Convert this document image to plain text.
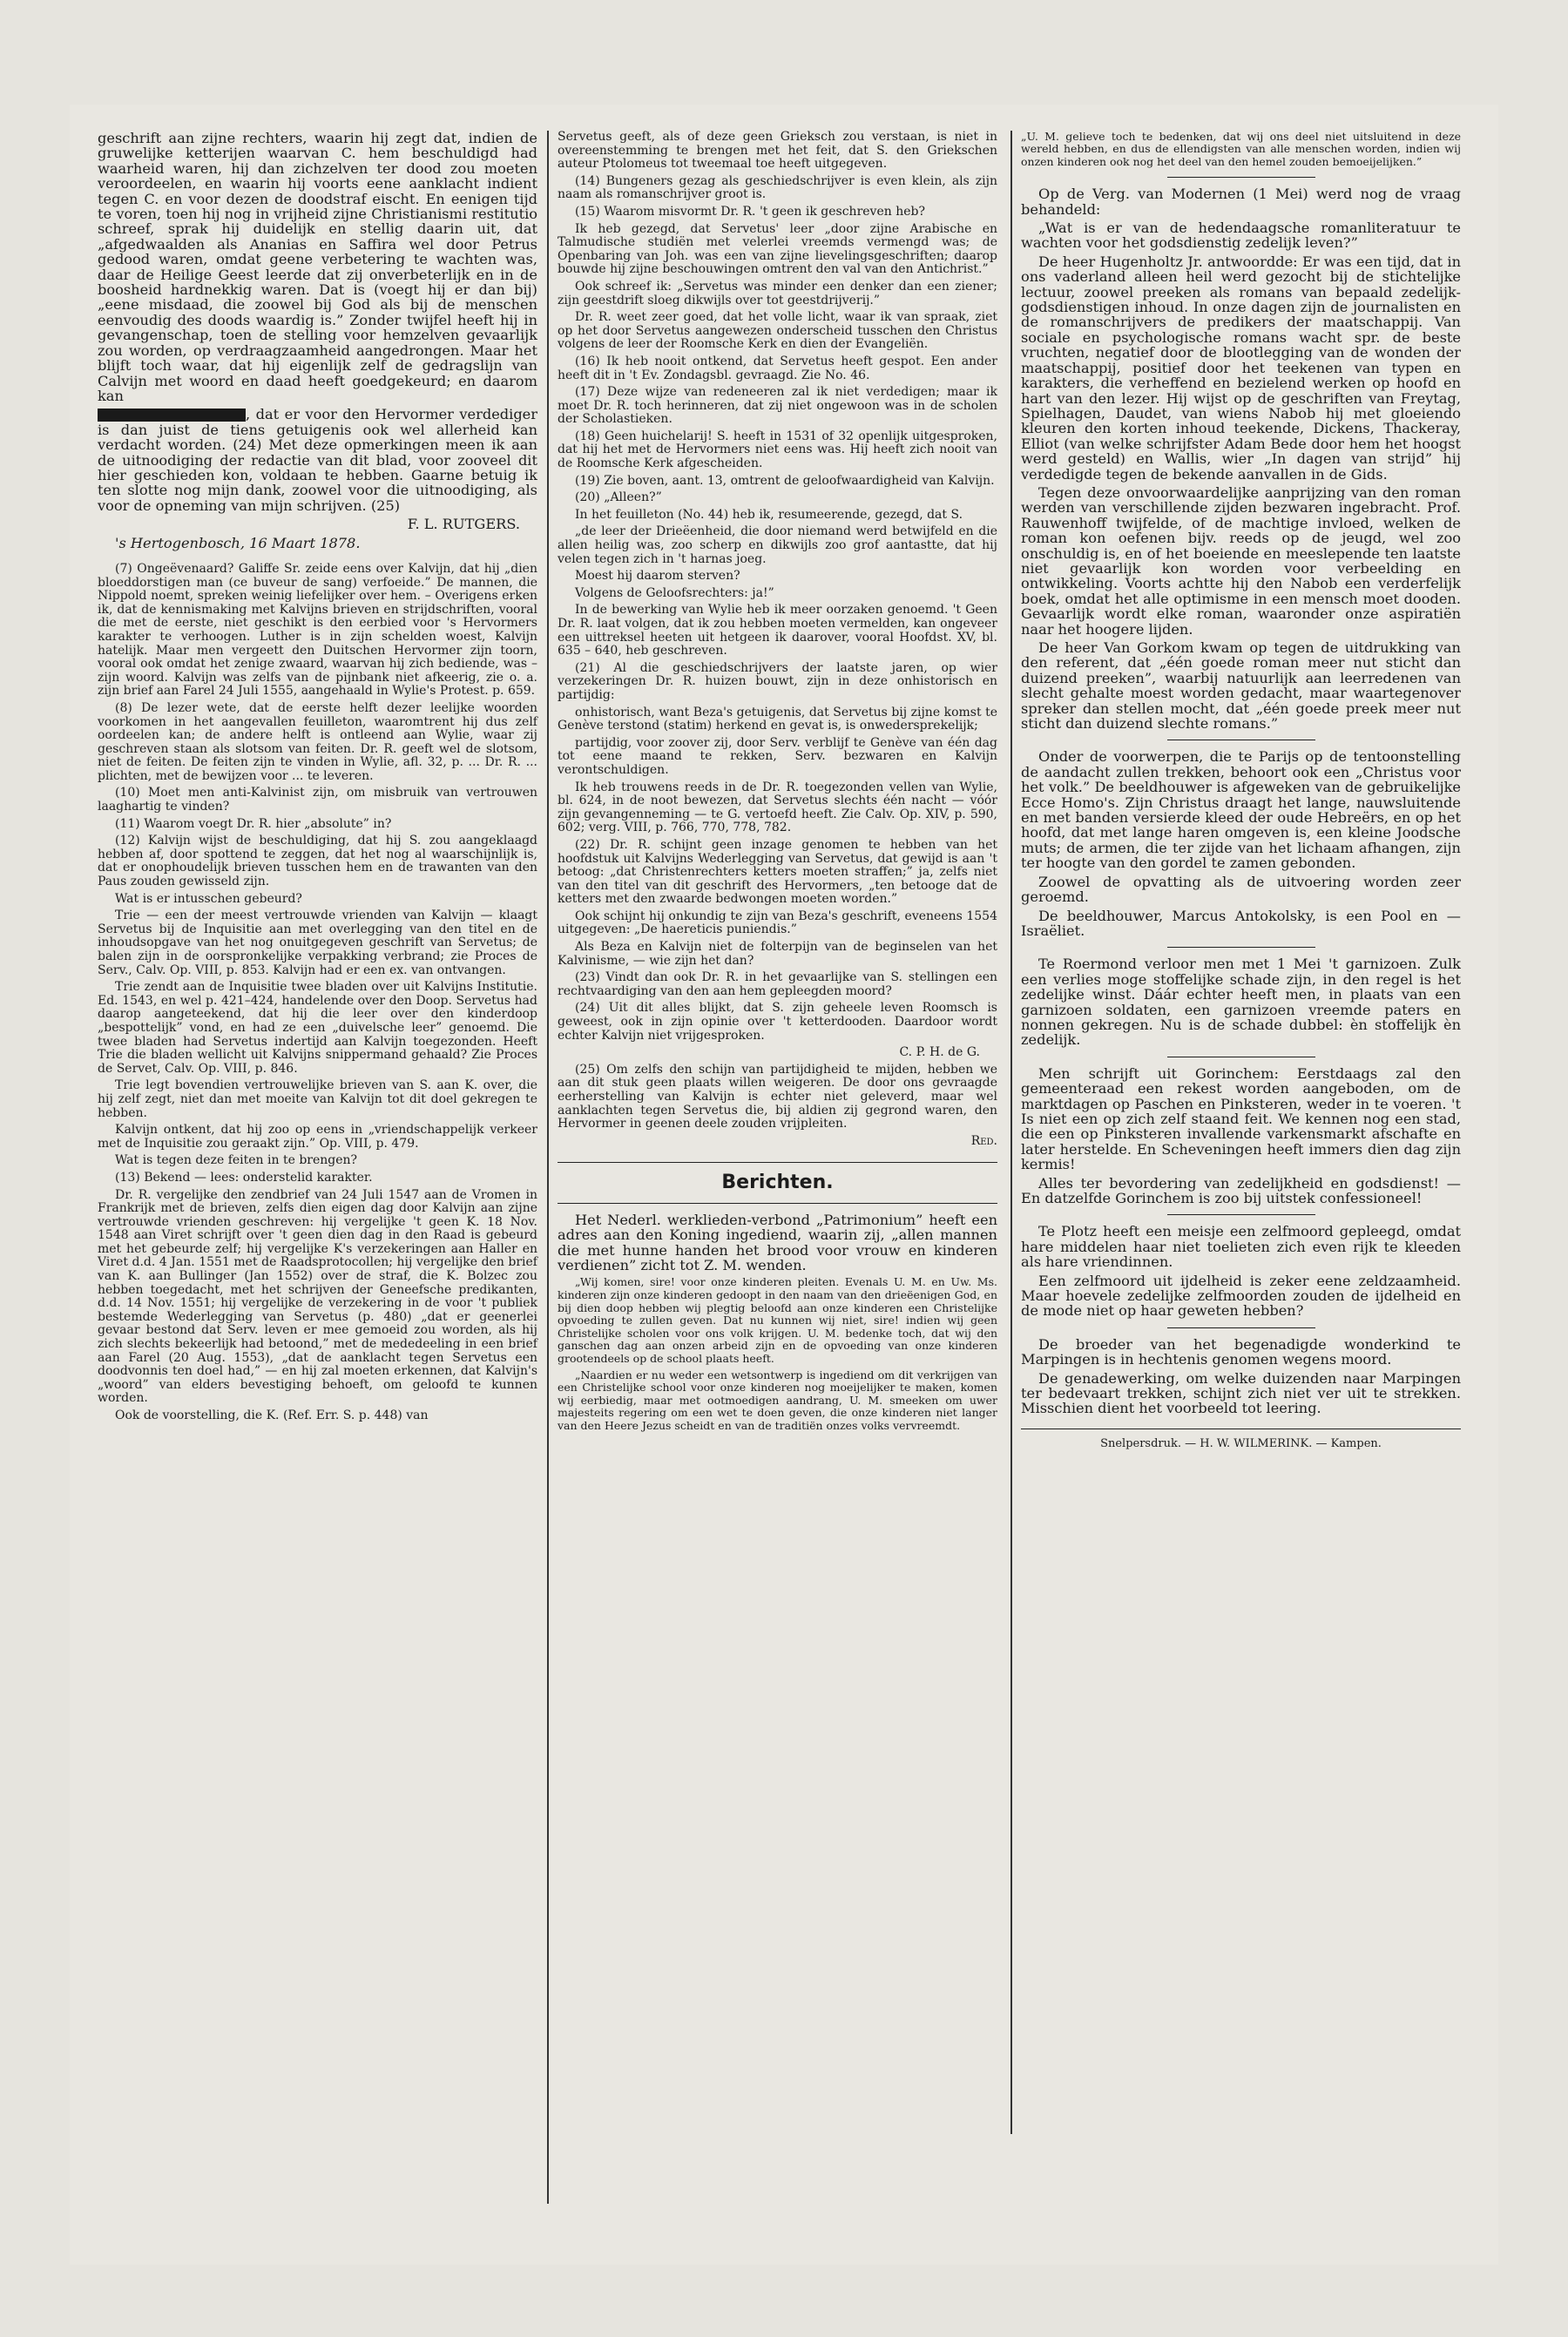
geschrift aan zijne rechters, waarin hij zegt dat, indien de gruwelijke ketterijen waarvan C. hem beschuldigd had waarheid waren, hij dan zichzelven ter dood zou moeten veroordeelen, en waarin hij voorts eene aanklacht indient tegen C. en voor dezen de doodstraf eischt. En eenigen tijd te voren, toen hij nog in vrijheid zijne Christianismi restitutio schreef, sprak hij duidelijk en stellig daarin uit, dat „afgedwaalden als Ananias en Saffira wel door Petrus gedood waren, omdat geene verbetering te wachten was, daar de Heilige Geest leerde dat zij onverbeterlijk en in de boosheid hardnekkig waren. Dat is (voegt hij er dan bij) „eene misdaad, die zoowel bij God als bij de menschen eenvoudig des doods waardig is.” Zonder twijfel heeft hij in gevangenschap, toen de stelling voor hemzelven gevaarlijk zou worden, op verdraagzaamheid aangedrongen. Maar het blijft toch waar, dat hij eigenlijk zelf de gedragslijn van Calvijn met woord en daad heeft goedgekeurd; en daarom kan

, dat er voor den Hervormer verdediger is dan juist de tiens getuigenis ook wel allerheid kan verdacht worden. (24) Met deze opmerkingen meen ik aan de uitnoodiging der redactie van dit blad, voor zooveel dit hier geschieden kon, voldaan te hebben. Gaarne betuig ik ten slotte nog mijn dank, zoowel voor die uitnoodiging, als voor de opneming van mijn schrijven. (25)

F. L. RUTGERS.

's Hertogenbosch, 16 Maart 1878.

(7) Ongeëvenaard? Galiffe Sr. zeide eens over Kalvijn, dat hij „dien bloeddorstigen man (ce buveur de sang) verfoeide.” De mannen, die Nippold noemt, spreken weinig liefelijker over hem. – Overigens erken ik, dat de kennismaking met Kalvijns brieven en strijdschriften, vooral die met de eerste, niet geschikt is den eerbied voor 's Hervormers karakter te verhoogen. Luther is in zijn schelden woest, Kalvijn hatelijk. Maar men vergeett den Duitschen Hervormer zijn toorn, vooral ook omdat het zenige zwaard, waarvan hij zich bediende, was – zijn woord. Kalvijn was zelfs van de pijnbank niet afkeerig, zie o. a. zijn brief aan Farel 24 Juli 1555, aangehaald in Wylie's Protest. p. 659.

(8) De lezer wete, dat de eerste helft dezer leelijke woorden voorkomen in het aangevallen feuilleton, waaromtrent hij dus zelf oordeelen kan; de andere helft is ontleend aan Wylie, waar zij geschreven staan als slotsom van feiten. Dr. R. geeft wel de slotsom, niet de feiten. De feiten zijn te vinden in Wylie, afl. 32, p. ... Dr. R. ... plichten, met de bewijzen voor ... te leveren.

(10) Moet men anti-Kalvinist zijn, om misbruik van vertrouwen laaghartig te vinden?

(11) Waarom voegt Dr. R. hier „absolute” in?

(12) Kalvijn wijst de beschuldiging, dat hij S. zou aangeklaagd hebben af, door spottend te zeggen, dat het nog al waarschijnlijk is, dat er onophoudelijk brieven tusschen hem en de trawanten van den Paus zouden gewisseld zijn.

Wat is er intusschen gebeurd?

Trie — een der meest vertrouwde vrienden van Kalvijn — klaagt Servetus bij de Inquisitie aan met overlegging van den titel en de inhoudsopgave van het nog onuitgegeven geschrift van Servetus; de balen zijn in de oorspronkelijke verpakking verbrand; zie Proces de Serv., Calv. Op. VIII, p. 853. Kalvijn had er een ex. van ontvangen.

Trie zendt aan de Inquisitie twee bladen over uit Kalvijns Institutie. Ed. 1543, en wel p. 421–424, handelende over den Doop. Servetus had daarop aangeteekend, dat hij die leer over den kinderdoop „bespottelijk” vond, en had ze een „duivelsche leer” genoemd. Die twee bladen had Servetus indertijd aan Kalvijn toegezonden. Heeft Trie die bladen wellicht uit Kalvijns snippermand gehaald? Zie Proces de Servet, Calv. Op. VIII, p. 846.

Trie legt bovendien vertrouwelijke brieven van S. aan K. over, die hij zelf zegt, niet dan met moeite van Kalvijn tot dit doel gekregen te hebben.

Kalvijn ontkent, dat hij zoo op eens in „vriendschappelijk verkeer met de Inquisitie zou geraakt zijn.” Op. VIII, p. 479.

Wat is tegen deze feiten in te brengen?

(13) Bekend — lees: onderstelid karakter.

Dr. R. vergelijke den zendbrief van 24 Juli 1547 aan de Vromen in Frankrijk met de brieven, zelfs dien eigen dag door Kalvijn aan zijne vertrouwde vrienden geschreven: hij vergelijke 't geen K. 18 Nov. 1548 aan Viret schrijft over 't geen dien dag in den Raad is gebeurd met het gebeurde zelf; hij vergelijke K's verzekeringen aan Haller en Viret d.d. 4 Jan. 1551 met de Raadsprotocollen; hij vergelijke den brief van K. aan Bullinger (Jan 1552) over de straf, die K. Bolzec zou hebben toegedacht, met het schrijven der Geneefsche predikanten, d.d. 14 Nov. 1551; hij vergelijke de verzekering in de voor 't publiek bestemde Wederlegging van Servetus (p. 480) „dat er geenerlei gevaar bestond dat Serv. leven er mee gemoeid zou worden, als hij zich slechts bekeerlijk had betoond,” met de mededeeling in een brief aan Farel (20 Aug. 1553), „dat de aanklacht tegen Servetus een doodvonnis ten doel had,” — en hij zal moeten erkennen, dat Kalvijn's „woord” van elders bevestiging behoeft, om geloofd te kunnen worden.

Ook de voorstelling, die K. (Ref. Err. S. p. 448) van

Servetus geeft, als of deze geen Grieksch zou verstaan, is niet in overeenstemming te brengen met het feit, dat S. den Griekschen auteur Ptolomeus tot tweemaal toe heeft uitgegeven.

(14) Bungeners gezag als geschiedschrijver is even klein, als zijn naam als romanschrijver groot is.

(15) Waarom misvormt Dr. R. 't geen ik geschreven heb?

Ik heb gezegd, dat Servetus' leer „door zijne Arabische en Talmudische studiën met velerlei vreemds vermengd was; de Openbaring van Joh. was een van zijne lievelingsgeschriften; daarop bouwde hij zijne beschouwingen omtrent den val van den Antichrist.”

Ook schreef ik: „Servetus was minder een denker dan een ziener; zijn geestdrift sloeg dikwijls over tot geestdrijverij.”

Dr. R. weet zeer goed, dat het volle licht, waar ik van spraak, ziet op het door Servetus aangewezen onderscheid tusschen den Christus volgens de leer der Roomsche Kerk en dien der Evangeliën.

(16) Ik heb nooit ontkend, dat Servetus heeft gespot. Een ander heeft dit in 't Ev. Zondagsbl. gevraagd. Zie No. 46.

(17) Deze wijze van redeneeren zal ik niet verdedigen; maar ik moet Dr. R. toch herinneren, dat zij niet ongewoon was in de scholen der Scholastieken.

(18) Geen huichelarij! S. heeft in 1531 of 32 openlijk uitgesproken, dat hij het met de Hervormers niet eens was. Hij heeft zich nooit van de Roomsche Kerk afgescheiden.

(19) Zie boven, aant. 13, omtrent de geloofwaardigheid van Kalvijn.

(20) „Alleen?”

In het feuilleton (No. 44) heb ik, resumeerende, gezegd, dat S.

„de leer der Drieëenheid, die door niemand werd betwijfeld en die allen heilig was, zoo scherp en dikwijls zoo grof aantastte, dat hij velen tegen zich in 't harnas joeg.

Moest hij daarom sterven?

Volgens de Geloofsrechters: ja!”

In de bewerking van Wylie heb ik meer oorzaken genoemd. 't Geen Dr. R. laat volgen, dat ik zou hebben moeten vermelden, kan ongeveer een uittreksel heeten uit hetgeen ik daarover, vooral Hoofdst. XV, bl. 635 – 640, heb geschreven.

(21) Al die geschiedschrijvers der laatste jaren, op wier verzekeringen Dr. R. huizen bouwt, zijn in deze onhistorisch en partijdig:

onhistorisch, want Beza's getuigenis, dat Servetus bij zijne komst te Genève terstond (statim) herkend en gevat is, is onwedersprekelijk;

partijdig, voor zoover zij, door Serv. verblijf te Genève van één dag tot eene maand te rekken, Serv. bezwaren en Kalvijn verontschuldigen.

Ik heb trouwens reeds in de Dr. R. toegezonden vellen van Wylie, bl. 624, in de noot bewezen, dat Servetus slechts één nacht — vóór zijn gevangenneming — te G. vertoefd heeft. Zie Calv. Op. XIV, p. 590, 602; verg. VIII, p. 766, 770, 778, 782.

(22) Dr. R. schijnt geen inzage genomen te hebben van het hoofdstuk uit Kalvijns Wederlegging van Servetus, dat gewijd is aan 't betoog: „dat Christenrechters ketters moeten straffen;” ja, zelfs niet van den titel van dit geschrift des Hervormers, „ten betooge dat de ketters met den zwaarde bedwongen moeten worden.”

Ook schijnt hij onkundig te zijn van Beza's geschrift, eveneens 1554 uitgegeven: „De haereticis puniendis.”

Als Beza en Kalvijn niet de folterpijn van de beginselen van het Kalvinisme, — wie zijn het dan?

(23) Vindt dan ook Dr. R. in het gevaarlijke van S. stellingen een rechtvaardiging van den aan hem gepleegden moord?

(24) Uit dit alles blijkt, dat S. zijn geheele leven Roomsch is geweest, ook in zijn opinie over 't ketterdooden. Daardoor wordt echter Kalvijn niet vrijgesproken.

C. P. H. de G.

(25) Om zelfs den schijn van partijdigheid te mijden, hebben we aan dit stuk geen plaats willen weigeren. De door ons gevraagde eerherstelling van Kalvijn is echter niet geleverd, maar wel aanklachten tegen Servetus die, bij aldien zij gegrond waren, den Hervormer in geenen deele zouden vrijpleiten.

Red.

Berichten.

Het Nederl. werklieden-verbond „Patrimonium” heeft een adres aan den Koning ingediend, waarin zij, „allen mannen die met hunne handen het brood voor vrouw en kinderen verdienen” zicht tot Z. M. wenden.

„Wij komen, sire! voor onze kinderen pleiten. Evenals U. M. en Uw. Ms. kinderen zijn onze kinderen gedoopt in den naam van den drieëenigen God, en bij dien doop hebben wij plegtig beloofd aan onze kinderen een Christelijke opvoeding te zullen geven. Dat nu kunnen wij niet, sire! indien wij geen Christelijke scholen voor ons volk krijgen. U. M. bedenke toch, dat wij den ganschen dag aan onzen arbeid zijn en de opvoeding van onze kinderen grootendeels op de school plaats heeft.

„Naardien er nu weder een wetsontwerp is ingediend om dit verkrijgen van een Christelijke school voor onze kinderen nog moeijelijker te maken, komen wij eerbiedig, maar met ootmoedigen aandrang, U. M. smeeken om uwer majesteits regering om een wet te doen geven, die onze kinderen niet langer van den Heere Jezus scheidt en van de traditiën onzes volks vervreemdt.

„U. M. gelieve toch te bedenken, dat wij ons deel niet uitsluitend in deze wereld hebben, en dus de ellendigsten van alle menschen worden, indien wij onzen kinderen ook nog het deel van den hemel zouden bemoeijelijken.”

Op de Verg. van Modernen (1 Mei) werd nog de vraag behandeld:

„Wat is er van de hedendaagsche romanliteratuur te wachten voor het godsdienstig zedelijk leven?”

De heer Hugenholtz Jr. antwoordde: Er was een tijd, dat in ons vaderland alleen heil werd gezocht bij de stichtelijke lectuur, zoowel preeken als romans van bepaald zedelijk-godsdienstigen inhoud. In onze dagen zijn de journalisten en de romanschrijvers de predikers der maatschappij. Van sociale en psychologische romans wacht spr. de beste vruchten, negatief door de blootlegging van de wonden der maatschappij, positief door het teekenen van typen en karakters, die verheffend en bezielend werken op hoofd en hart van den lezer. Hij wijst op de geschriften van Freytag, Spielhagen, Daudet, van wiens Nabob hij met gloeiendo kleuren den korten inhoud teekende, Dickens, Thackeray, Elliot (van welke schrijfster Adam Bede door hem het hoogst werd gesteld) en Wallis, wier „In dagen van strijd” hij verdedigde tegen de bekende aanvallen in de Gids.

Tegen deze onvoorwaardelijke aanprijzing van den roman werden van verschillende zijden bezwaren ingebracht. Prof. Rauwenhoff twijfelde, of de machtige invloed, welken de roman kon oefenen bijv. reeds op de jeugd, wel zoo onschuldig is, en of het boeiende en meeslepende ten laatste niet gevaarlijk kon worden voor verbeelding en ontwikkeling. Voorts achtte hij den Nabob een verderfelijk boek, omdat het alle optimisme in een mensch moet dooden. Gevaarlijk wordt elke roman, waaronder onze aspiratiën naar het hoogere lijden.

De heer Van Gorkom kwam op tegen de uitdrukking van den referent, dat „één goede roman meer nut sticht dan duizend preeken”, waarbij natuurlijk aan leerredenen van slecht gehalte moest worden gedacht, maar waartegenover spreker dan stellen mocht, dat „één goede preek meer nut sticht dan duizend slechte romans.”

Onder de voorwerpen, die te Parijs op de tentoonstelling de aandacht zullen trekken, behoort ook een „Christus voor het volk.” De beeldhouwer is afgeweken van de gebruikelijke Ecce Homo's. Zijn Christus draagt het lange, nauwsluitende en met banden versierde kleed der oude Hebreërs, en op het hoofd, dat met lange haren omgeven is, een kleine Joodsche muts; de armen, die ter zijde van het lichaam afhangen, zijn ter hoogte van den gordel te zamen gebonden.

Zoowel de opvatting als de uitvoering worden zeer geroemd.

De beeldhouwer, Marcus Antokolsky, is een Pool en — Israëliet.

Te Roermond verloor men met 1 Mei 't garnizoen. Zulk een verlies moge stoffelijke schade zijn, in den regel is het zedelijke winst. Dáár echter heeft men, in plaats van een garnizoen soldaten, een garnizoen vreemde paters en nonnen gekregen. Nu is de schade dubbel: èn stoffelijk èn zedelijk.

Men schrijft uit Gorinchem: Eerstdaags zal den gemeenteraad een rekest worden aangeboden, om de marktdagen op Paschen en Pinksteren, weder in te voeren. 't Is niet een op zich zelf staand feit. We kennen nog een stad, die een op Pinksteren invallende varkensmarkt afschafte en later herstelde. En Scheveningen heeft immers dien dag zijn kermis!

Alles ter bevordering van zedelijkheid en godsdienst! — En datzelfde Gorinchem is zoo bij uitstek confessioneel!

Te Plotz heeft een meisje een zelfmoord gepleegd, omdat hare middelen haar niet toelieten zich even rijk te kleeden als hare vriendinnen.

Een zelfmoord uit ijdelheid is zeker eene zeldzaamheid. Maar hoevele zedelijke zelfmoorden zouden de ijdelheid en de mode niet op haar geweten hebben?

De broeder van het begenadigde wonderkind te Marpingen is in hechtenis genomen wegens moord.

De genadewerking, om welke duizenden naar Marpingen ter bedevaart trekken, schijnt zich niet ver uit te strekken. Misschien dient het voorbeeld tot leering.

Snelpersdruk. — H. W. WILMERINK. — Kampen.
